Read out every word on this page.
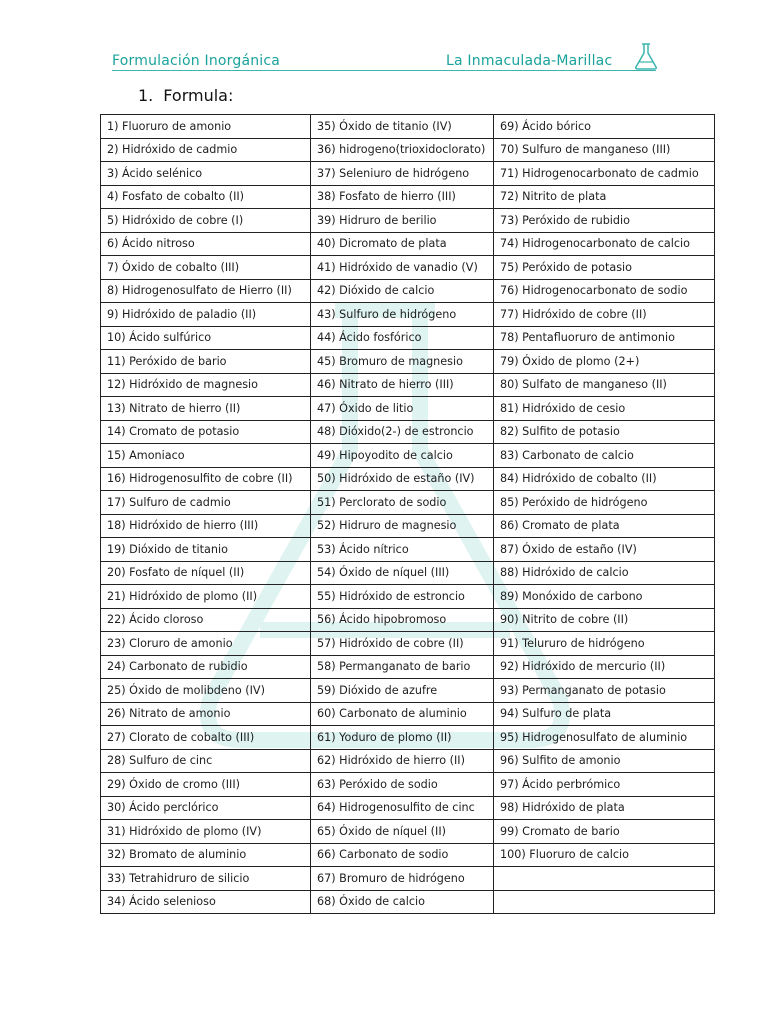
Formulación Inorgánica	La Inmaculada-Marillac
1. Formula:
1) Fluoruro de amonio	35) Óxido de titanio (IV)	69) Ácido bórico
2) Hidróxido de cadmio	36) hidrogeno(trioxidoclorato)	70) Sulfuro de manganeso (III)
3) Ácido selénico	37) Seleniuro de hidrógeno	71) Hidrogenocarbonato de cadmio
4) Fosfato de cobalto (II)	38) Fosfato de hierro (III)	72) Nitrito de plata
5) Hidróxido de cobre (I)	39) Hidruro de berilio	73) Peróxido de rubidio
6) Ácido nitroso	40) Dicromato de plata	74) Hidrogenocarbonato de calcio
7) Óxido de cobalto (III)	41) Hidróxido de vanadio (V)	75) Peróxido de potasio
8) Hidrogenosulfato de Hierro (II)	42) Dióxido de calcio	76) Hidrogenocarbonato de sodio
9) Hidróxido de paladio (II)	43) Sulfuro de hidrógeno	77) Hidróxido de cobre (II)
10) Ácido sulfúrico	44) Ácido fosfórico	78) Pentafluoruro de antimonio
11) Peróxido de bario	45) Bromuro de magnesio	79) Óxido de plomo (2+)
12) Hidróxido de magnesio	46) Nitrato de hierro (III)	80) Sulfato de manganeso (II)
13) Nitrato de hierro (II)	47) Óxido de litio	81) Hidróxido de cesio
14) Cromato de potasio	48) Dióxido(2-) de estroncio	82) Sulfito de potasio
15) Amoniaco	49) Hipoyodito de calcio	83) Carbonato de calcio
16) Hidrogenosulfito de cobre (II)	50) Hidróxido de estaño (IV)	84) Hidróxido de cobalto (II)
17) Sulfuro de cadmio	51) Perclorato de sodio	85) Peróxido de hidrógeno
18) Hidróxido de hierro (III)	52) Hidruro de magnesio	86) Cromato de plata
19) Dióxido de titanio	53) Ácido nítrico	87) Óxido de estaño (IV)
20) Fosfato de níquel (II)	54) Óxido de níquel (III)	88) Hidróxido de calcio
21) Hidróxido de plomo (II)	55) Hidróxido de estroncio	89) Monóxido de carbono
22) Ácido cloroso	56) Ácido hipobromoso	90) Nitrito de cobre (II)
23) Cloruro de amonio	57) Hidróxido de cobre (II)	91) Telururo de hidrógeno
24) Carbonato de rubidio	58) Permanganato de bario	92) Hidróxido de mercurio (II)
25) Óxido de molibdeno (IV)	59) Dióxido de azufre	93) Permanganato de potasio
26) Nitrato de amonio	60) Carbonato de aluminio	94) Sulfuro de plata
27) Clorato de cobalto (III)	61) Yoduro de plomo (II)	95) Hidrogenosulfato de aluminio
28) Sulfuro de cinc	62) Hidróxido de hierro (II)	96) Sulfito de amonio
29) Óxido de cromo (III)	63) Peróxido de sodio	97) Ácido perbrómico
30) Ácido perclórico	64) Hidrogenosulfito de cinc	98) Hidróxido de plata
31) Hidróxido de plomo (IV)	65) Óxido de níquel (II)	99) Cromato de bario
32) Bromato de aluminio	66) Carbonato de sodio	100) Fluoruro de calcio
33) Tetrahidruro de silicio	67) Bromuro de hidrógeno	
34) Ácido selenioso	68) Óxido de calcio	
